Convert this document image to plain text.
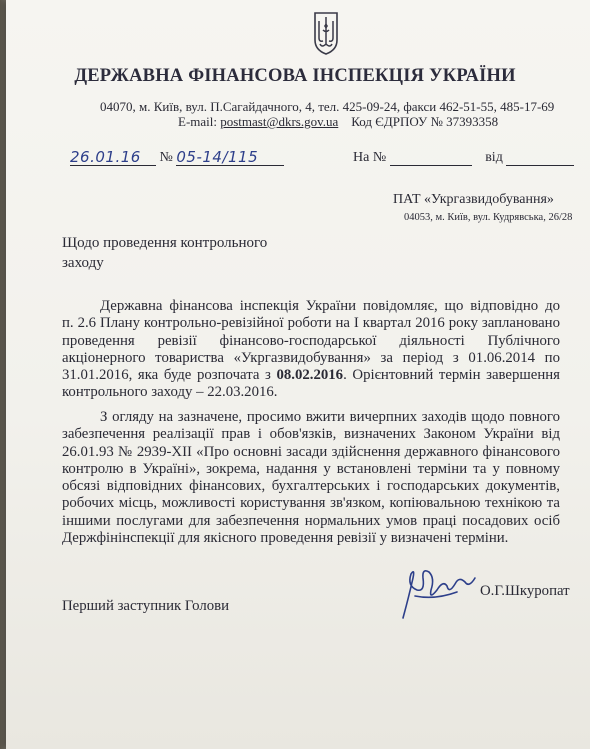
ДЕРЖАВНА ФІНАНСОВА ІНСПЕКЦІЯ УКРАЇНИ
04070, м. Київ, вул. П.Сагайдачного, 4, тел. 425-09-24, факси 462-51-55, 485-17-69
E-mail: postmast@dkrs.gov.ua Код ЄДРПОУ № 37393358
26.01.16 № 05-14/115	На №	від
ПАТ «Укргазвидобування»
04053, м. Київ, вул. Кудрявська, 26/28
Щодо проведення контрольного
заходу
Державна фінансова інспекція України повідомляє, що відповідно до
п. 2.6 Плану контрольно-ревізійної роботи на I квартал 2016 року заплановано
проведення ревізії фінансово-господарської діяльності Публічного
акціонерного товариства «Укргазвидобування» за період з 01.06.2014 по
31.01.2016, яка буде розпочата з 08.02.2016. Орієнтовний термін завершення
контрольного заходу – 22.03.2016.
З огляду на зазначене, просимо вжити вичерпних заходів щодо повного
забезпечення реалізації прав і обов'язків, визначених Законом України від
26.01.93 № 2939-XII «Про основні засади здійснення державного фінансового
контролю в Україні», зокрема, надання у встановлені терміни та у повному
обсязі відповідних фінансових, бухгалтерських і господарських документів,
робочих місць, можливості користування зв'язком, копіювальною технікою та
іншими послугами для забезпечення нормальних умов праці посадових осіб
Держфінінспекції для якісного проведення ревізії у визначені терміни.
Перший заступник Голови
О.Г.Шкуропат
